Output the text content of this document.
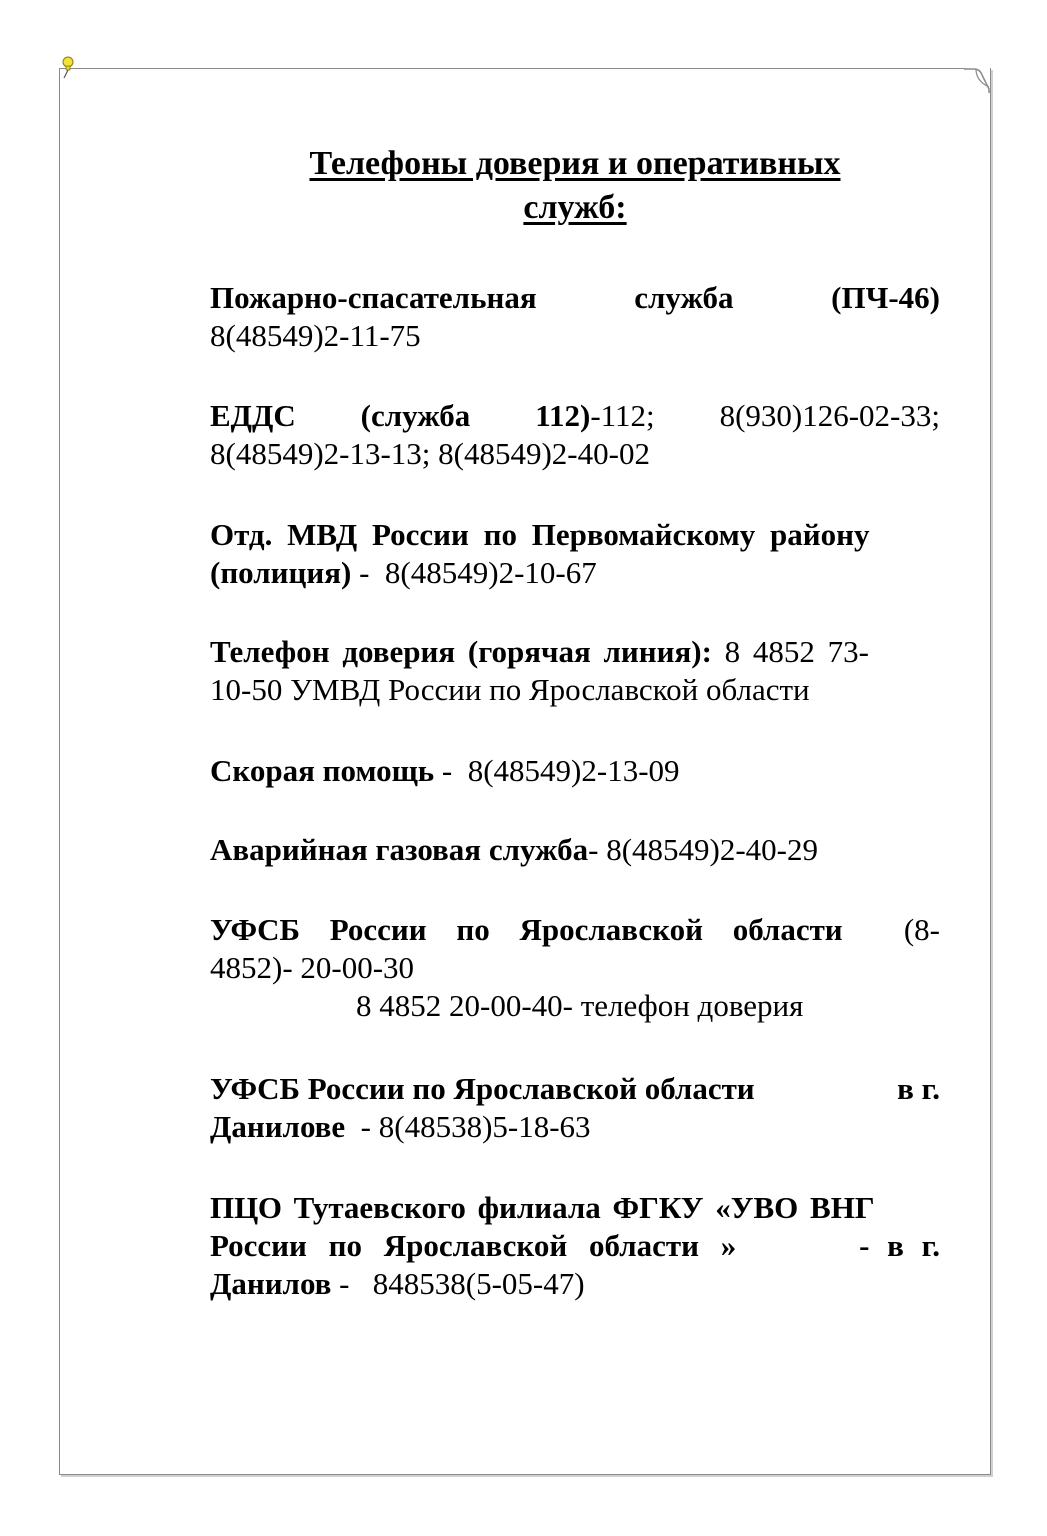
Телефоны доверия и оперативных
служб:
Пожарно-спасательная	служба	(ПЧ-46)
8(48549)2-11-75
ЕДДС (служба 112)-112; 8(930)126-02-33;
8(48549)2-13-13; 8(48549)2-40-02
Отд. МВД России по Первомайскому району
(полиция) -  8(48549)2-10-67
Телефон доверия (горячая линия): 8 4852 73-
10-50 УМВД России по Ярославской области
Скорая помощь -  8(48549)2-13-09
Аварийная газовая служба- 8(48549)2-40-29
УФСБ России по Ярославской области (8-
4852)- 20-00-30
8 4852 20-00-40- телефон доверия
УФСБ России по Ярославской области	в г.
Данилове  - 8(48538)5-18-63
ПЦО Тутаевского филиала ФГКУ «УВО ВНГ
России по Ярославской области »	- в г.
Данилов -   848538(5-05-47)
